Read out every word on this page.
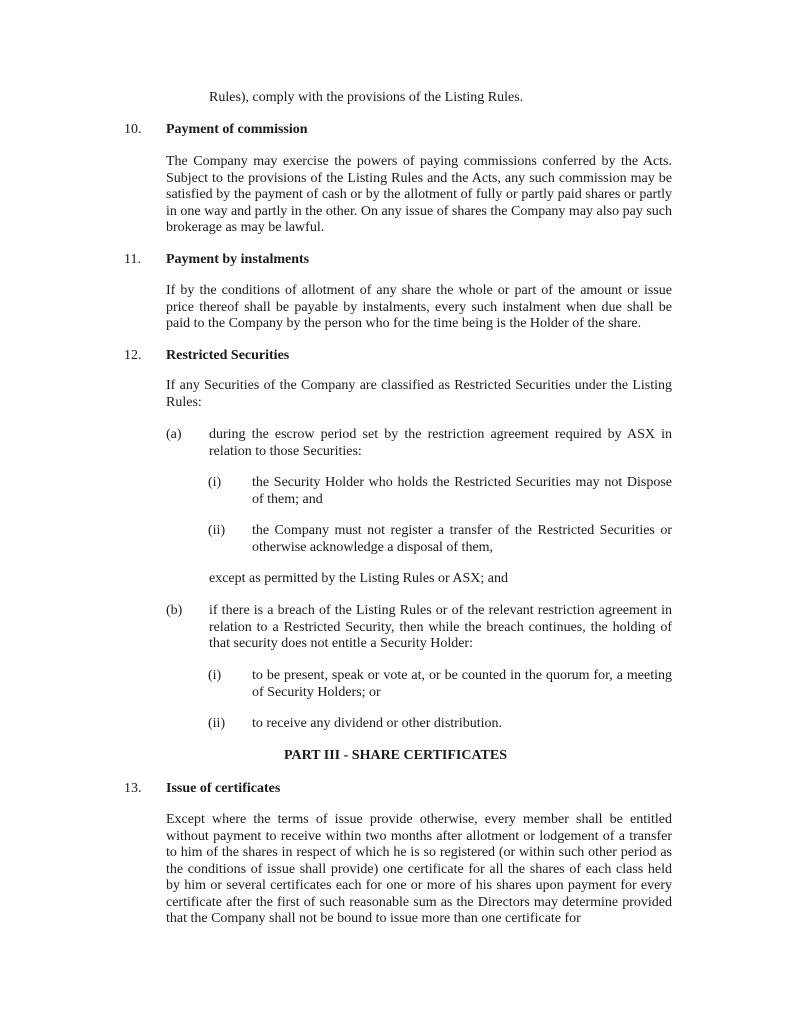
Rules), comply with the provisions of the Listing Rules.
10. Payment of commission
The Company may exercise the powers of paying commissions conferred by the Acts. Subject to the provisions of the Listing Rules and the Acts, any such commission may be satisfied by the payment of cash or by the allotment of fully or partly paid shares or partly in one way and partly in the other. On any issue of shares the Company may also pay such brokerage as may be lawful.
11. Payment by instalments
If by the conditions of allotment of any share the whole or part of the amount or issue price thereof shall be payable by instalments, every such instalment when due shall be paid to the Company by the person who for the time being is the Holder of the share.
12. Restricted Securities
If any Securities of the Company are classified as Restricted Securities under the Listing Rules:
(a) during the escrow period set by the restriction agreement required by ASX in relation to those Securities:
(i) the Security Holder who holds the Restricted Securities may not Dispose of them; and
(ii) the Company must not register a transfer of the Restricted Securities or otherwise acknowledge a disposal of them,
except as permitted by the Listing Rules or ASX; and
(b) if there is a breach of the Listing Rules or of the relevant restriction agreement in relation to a Restricted Security, then while the breach continues, the holding of that security does not entitle a Security Holder:
(i) to be present, speak or vote at, or be counted in the quorum for, a meeting of Security Holders; or
(ii) to receive any dividend or other distribution.
PART III - SHARE CERTIFICATES
13. Issue of certificates
Except where the terms of issue provide otherwise, every member shall be entitled without payment to receive within two months after allotment or lodgement of a transfer to him of the shares in respect of which he is so registered (or within such other period as the conditions of issue shall provide) one certificate for all the shares of each class held by him or several certificates each for one or more of his shares upon payment for every certificate after the first of such reasonable sum as the Directors may determine provided that the Company shall not be bound to issue more than one certificate for
